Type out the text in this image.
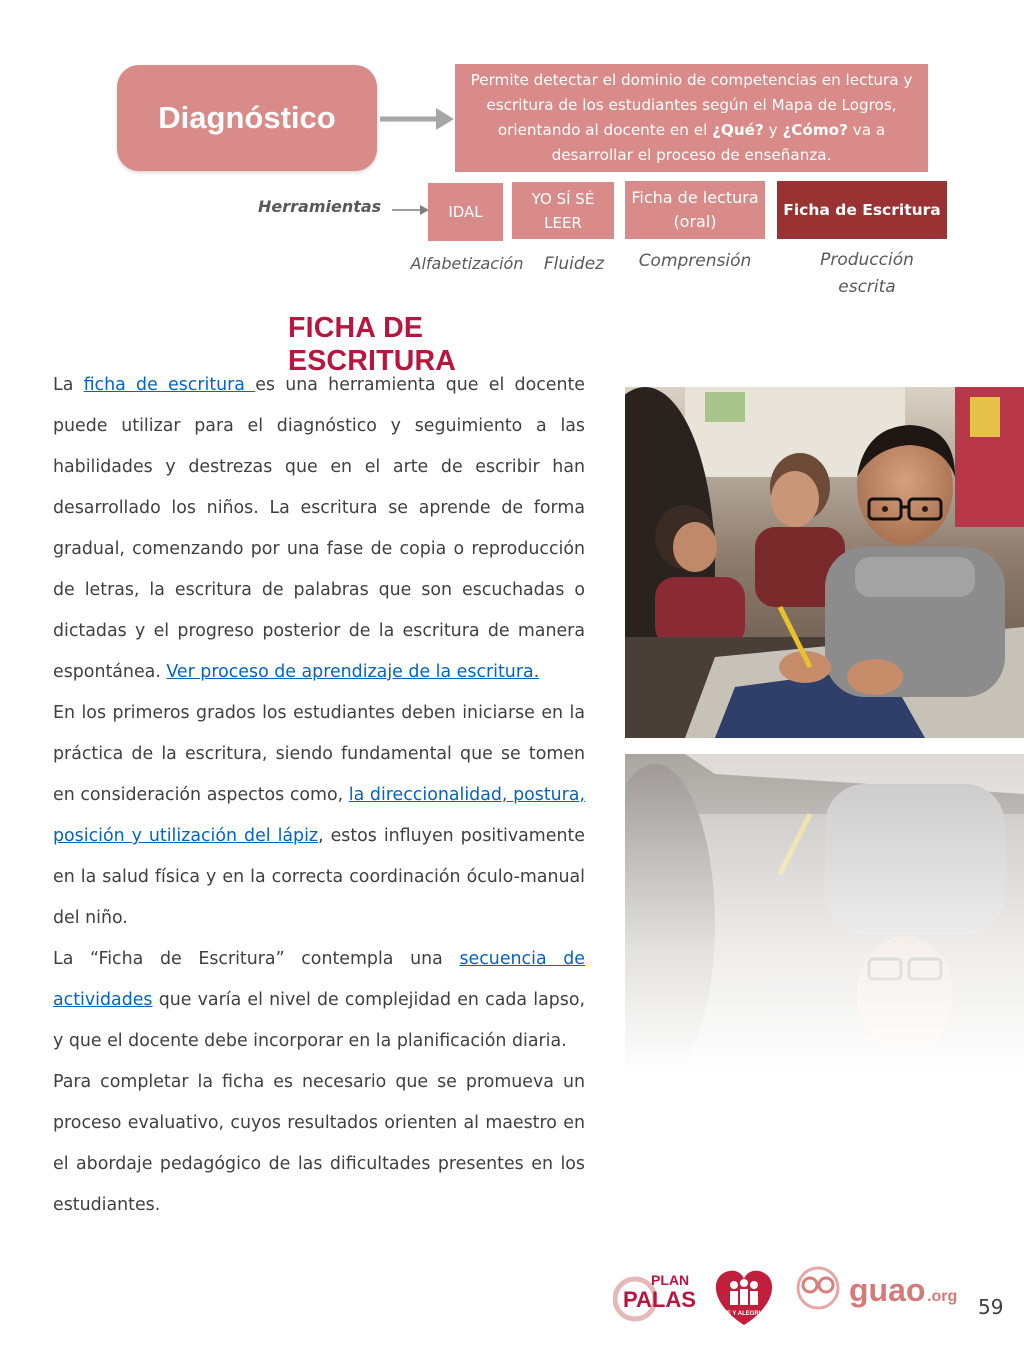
Diagnóstico
Permite detectar el dominio de competencias en lectura y escritura de los estudiantes según el Mapa de Logros, orientando al docente en el ¿Qué? y ¿Cómo? va a desarrollar el proceso de enseñanza.
Herramientas	IDAL
YO SÍ SÉ LEER
Ficha de lectura (oral)
Ficha de Escritura
Alfabetización	Fluidez	Comprensión	Producción escrita
FICHA DE ESCRITURA

La ficha de escritura es una herramienta que el docente puede utilizar para el diagnóstico y seguimiento a las habilidades y destrezas que en el arte de escribir han desarrollado los niños. La escritura se aprende de forma gradual, comenzando por una fase de copia o reproducción de letras, la escritura de palabras que son escuchadas o dictadas y el progreso posterior de la escritura de manera espontánea. Ver proceso de aprendizaje de la escritura.

En los primeros grados los estudiantes deben iniciarse en la práctica de la escritura, siendo fundamental que se tomen en consideración aspectos como, la direccionalidad, postura, posición y utilización del lápiz, estos influyen positivamente en la salud física y en la correcta coordinación óculo-manual del niño.

La “Ficha de Escritura” contempla una secuencia de actividades que varía el nivel de complejidad en cada lapso, y que el docente debe incorporar en la planificación diaria.

Para completar la ficha es necesario que se promueva un proceso evaluativo, cuyos resultados orienten al maestro en el abordaje pedagógico de las dificultades presentes en los estudiantes.

PLAN
PALAS
FE Y ALEGRIA
guao .org 59
